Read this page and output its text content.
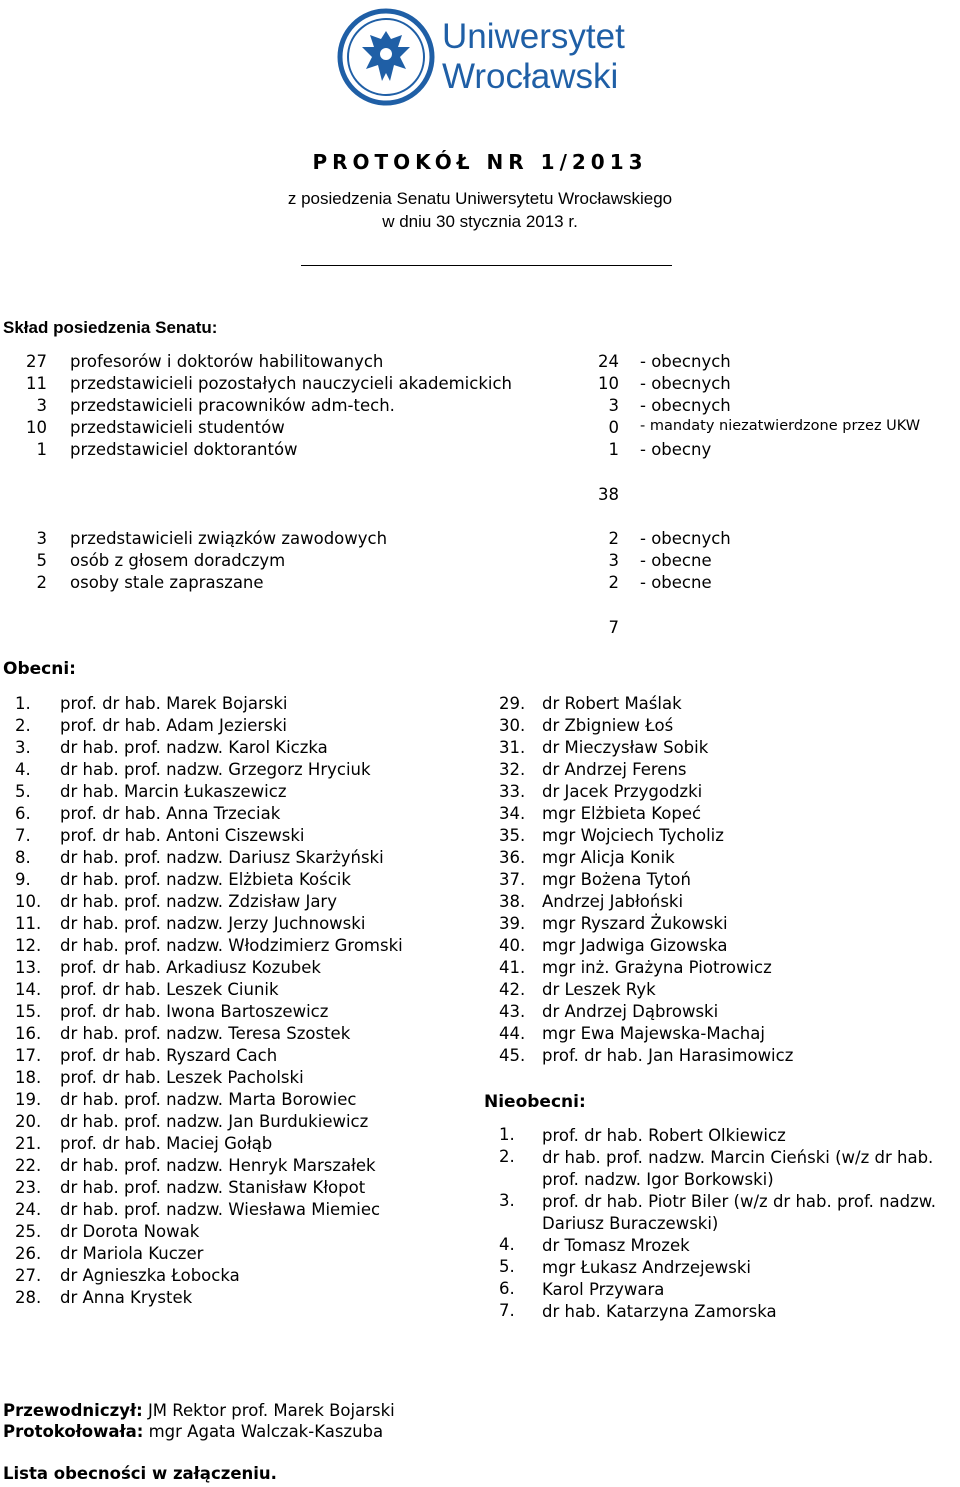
Uniwersytet
Wrocławski
PROTOKÓŁ NR 1/2013
z posiedzenia Senatu Uniwersytetu Wrocławskiego
w dniu 30 stycznia 2013 r.
Skład posiedzenia Senatu:
27 profesorów i doktorów habilitowanych	24 - obecnych
11 przedstawicieli pozostałych nauczycieli akademickich	10 - obecnych
3 przedstawicieli pracowników adm-tech.	3 - obecnych
10 przedstawicieli studentów	0 - mandaty niezatwierdzone przez UKW
1 przedstawiciel doktorantów	1 - obecny
38
3 przedstawicieli związków zawodowych	2 - obecnych
5 osób z głosem doradczym	3 - obecne
2 osoby stale zapraszane	2 - obecne
7
Obecni:
1. prof. dr hab. Marek Bojarski
2. prof. dr hab. Adam Jezierski
3. dr hab. prof. nadzw. Karol Kiczka
4. dr hab. prof. nadzw. Grzegorz Hryciuk
5. dr hab. Marcin Łukaszewicz
6. prof. dr hab. Anna Trzeciak
7. prof. dr hab. Antoni Ciszewski
8. dr hab. prof. nadzw. Dariusz Skarżyński
9. dr hab. prof. nadzw. Elżbieta Kościk
10. dr hab. prof. nadzw. Zdzisław Jary
11. dr hab. prof. nadzw. Jerzy Juchnowski
12. dr hab. prof. nadzw. Włodzimierz Gromski
13. prof. dr hab. Arkadiusz Kozubek
14. prof. dr hab. Leszek Ciunik
15. prof. dr hab. Iwona Bartoszewicz
16. dr hab. prof. nadzw. Teresa Szostek
17. prof. dr hab. Ryszard Cach
18. prof. dr hab. Leszek Pacholski
19. dr hab. prof. nadzw. Marta Borowiec
20. dr hab. prof. nadzw. Jan Burdukiewicz
21. prof. dr hab. Maciej Gołąb
22. dr hab. prof. nadzw. Henryk Marszałek
23. dr hab. prof. nadzw. Stanisław Kłopot
24. dr hab. prof. nadzw. Wiesława Miemiec
25. dr Dorota Nowak
26. dr Mariola Kuczer
27. dr Agnieszka Łobocka
28. dr Anna Krystek
29. dr Robert Maślak
30. dr Zbigniew Łoś
31. dr Mieczysław Sobik
32. dr Andrzej Ferens
33. dr Jacek Przygodzki
34. mgr Elżbieta Kopeć
35. mgr Wojciech Tycholiz
36. mgr Alicja Konik
37. mgr Bożena Tytoń
38. Andrzej Jabłoński
39. mgr Ryszard Żukowski
40. mgr Jadwiga Gizowska
41. mgr inż. Grażyna Piotrowicz
42. dr Leszek Ryk
43. dr Andrzej Dąbrowski
44. mgr Ewa Majewska-Machaj
45. prof. dr hab. Jan Harasimowicz
Nieobecni:
1. prof. dr hab. Robert Olkiewicz
2. dr hab. prof. nadzw. Marcin Cieński (w/z dr hab. prof. nadzw. Igor Borkowski)
3. prof. dr hab. Piotr Biler (w/z dr hab. prof. nadzw. Dariusz Buraczewski)
4. dr Tomasz Mrozek
5. mgr Łukasz Andrzejewski
6. Karol Przywara
7. dr hab. Katarzyna Zamorska
Przewodniczył: JM Rektor prof. Marek Bojarski
Protokołowała: mgr Agata Walczak-Kaszuba
Lista obecności w załączeniu.
